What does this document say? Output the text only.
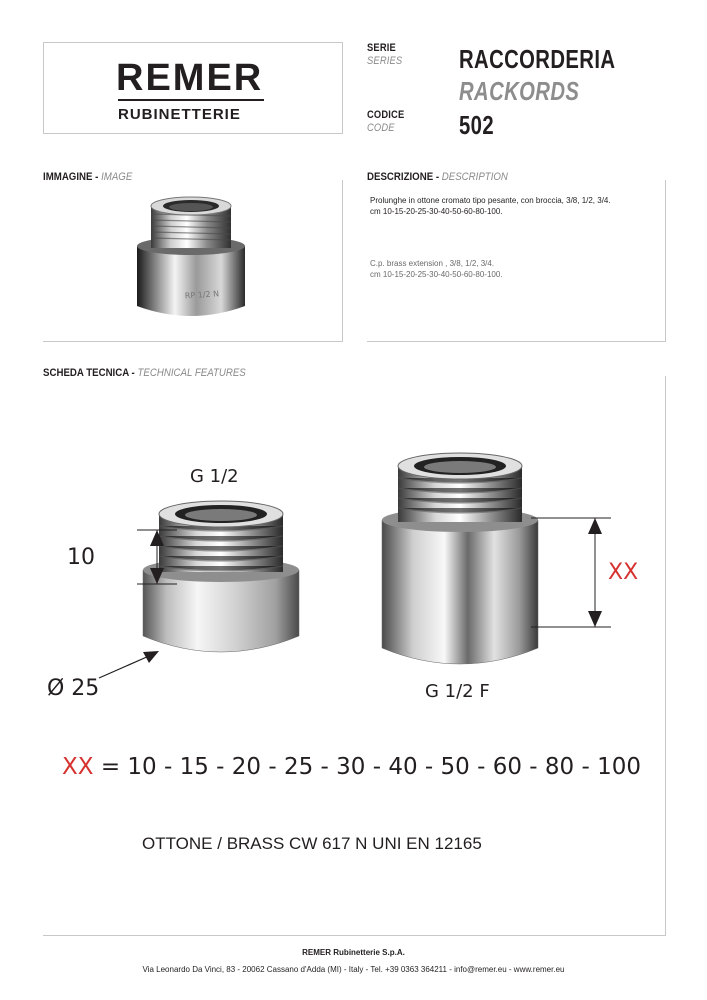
REMER
RUBINETTERIE
SERIE
SERIES RACCORDERIA
RACKORDS
CODICE
CODE 502
IMMAGINE - IMAGE
RP 1/2 N
DESCRIZIONE - DESCRIPTION
Prolunghe in ottone cromato tipo pesante, con broccia, 3/8, 1/2, 3/4.
cm 10-15-20-25-30-40-50-60-80-100.
C.p. brass extension , 3/8, 1/2, 3/4.
cm 10-15-20-25-30-40-50-60-80-100.
SCHEDA TECNICA - TECHNICAL FEATURES
10
G 1/2
Ø 25
XX
G 1/2 F
XX = 10 - 15 - 20 - 25 - 30 - 40 - 50 - 60 - 80 - 100
OTTONE / BRASS CW 617 N UNI EN 12165
REMER Rubinetterie S.p.A.
Via Leonardo Da Vinci, 83 - 20062 Cassano d'Adda (MI) - Italy - Tel. +39 0363 364211 - info@remer.eu - www.remer.eu
